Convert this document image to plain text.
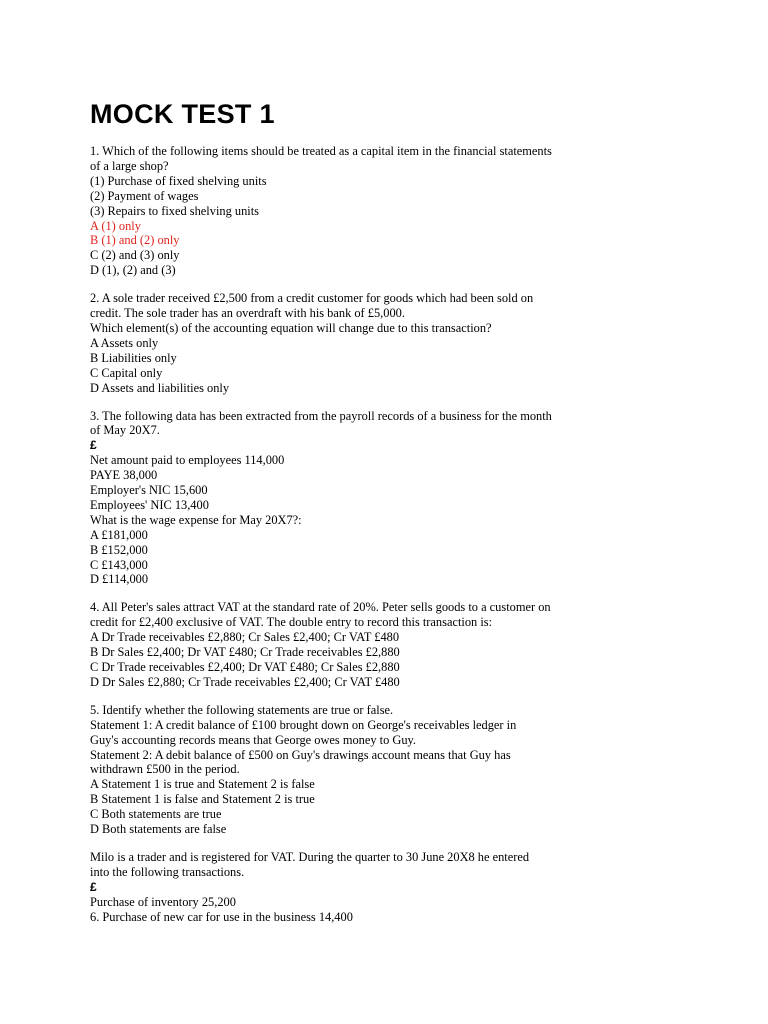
MOCK TEST 1
1. Which of the following items should be treated as a capital item in the financial statements
of a large shop?
(1) Purchase of fixed shelving units
(2) Payment of wages
(3) Repairs to fixed shelving units
A (1) only
B (1) and (2) only
C (2) and (3) only
D (1), (2) and (3)
2. A sole trader received £2,500 from a credit customer for goods which had been sold on
credit. The sole trader has an overdraft with his bank of £5,000.
Which element(s) of the accounting equation will change due to this transaction?
A Assets only
B Liabilities only
C Capital only
D Assets and liabilities only
3. The following data has been extracted from the payroll records of a business for the month
of May 20X7.
£
Net amount paid to employees 114,000
PAYE 38,000
Employer's NIC 15,600
Employees' NIC 13,400
What is the wage expense for May 20X7?:
A £181,000
B £152,000
C £143,000
D £114,000
4. All Peter's sales attract VAT at the standard rate of 20%. Peter sells goods to a customer on
credit for £2,400 exclusive of VAT. The double entry to record this transaction is:
A Dr Trade receivables £2,880; Cr Sales £2,400; Cr VAT £480
B Dr Sales £2,400; Dr VAT £480; Cr Trade receivables £2,880
C Dr Trade receivables £2,400; Dr VAT £480; Cr Sales £2,880
D Dr Sales £2,880; Cr Trade receivables £2,400; Cr VAT £480
5. Identify whether the following statements are true or false.
Statement 1: A credit balance of £100 brought down on George's receivables ledger in
Guy's accounting records means that George owes money to Guy.
Statement 2: A debit balance of £500 on Guy's drawings account means that Guy has
withdrawn £500 in the period.
A Statement 1 is true and Statement 2 is false
B Statement 1 is false and Statement 2 is true
C Both statements are true
D Both statements are false
Milo is a trader and is registered for VAT. During the quarter to 30 June 20X8 he entered
into the following transactions.
£
Purchase of inventory 25,200
6. Purchase of new car for use in the business 14,400
